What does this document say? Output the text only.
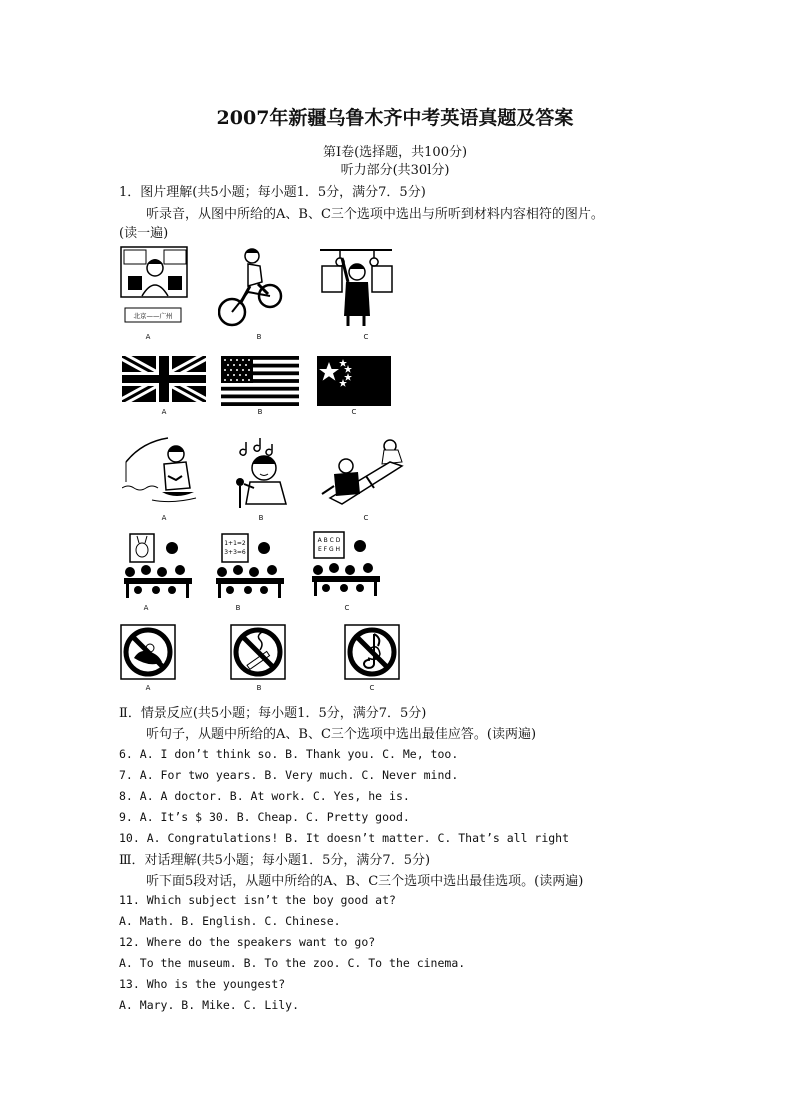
2007年新疆乌鲁木齐中考英语真题及答案
第Ⅰ卷(选择题，共100分)
听力部分(共30l分)
1．图片理解(共5小题；每小题1．5分，满分7．5分)
听录音，从图中所给的A、B、C三个选项中选出与所听到材料内容相符的图片。
(读一遍)
北京——广州
A	B	C
A	B	C
A	B	C
A
1+1=2
3+3=6
B
A B C D
E F G H
C
A	B	C
Ⅱ．情景反应(共5小题；每小题1．5分，满分7．5分)
听句子，从题中所给的A、B、C三个选项中选出最佳应答。(读两遍)
6. A. I don’t think so. B. Thank you. C. Me, too.
7. A. For two years. B. Very much. C. Never mind.
8. A. A doctor. B. At work. C. Yes, he is.
9. A. It’s $ 30. B. Cheap. C. Pretty good.
10. A. Congratulations! B. It doesn’t matter. C. That’s all right
Ⅲ．对话理解(共5小题；每小题1．5分，满分7．5分)
听下面5段对话，从题中所给的A、B、C三个选项中选出最佳选项。(读两遍)
11. Which subject isn’t the boy good at?
A. Math. B. English. C. Chinese.
12. Where do the speakers want to go?
A. To the museum. B. To the zoo. C. To the cinema.
13. Who is the youngest?
A. Mary. B. Mike. C. Lily.
